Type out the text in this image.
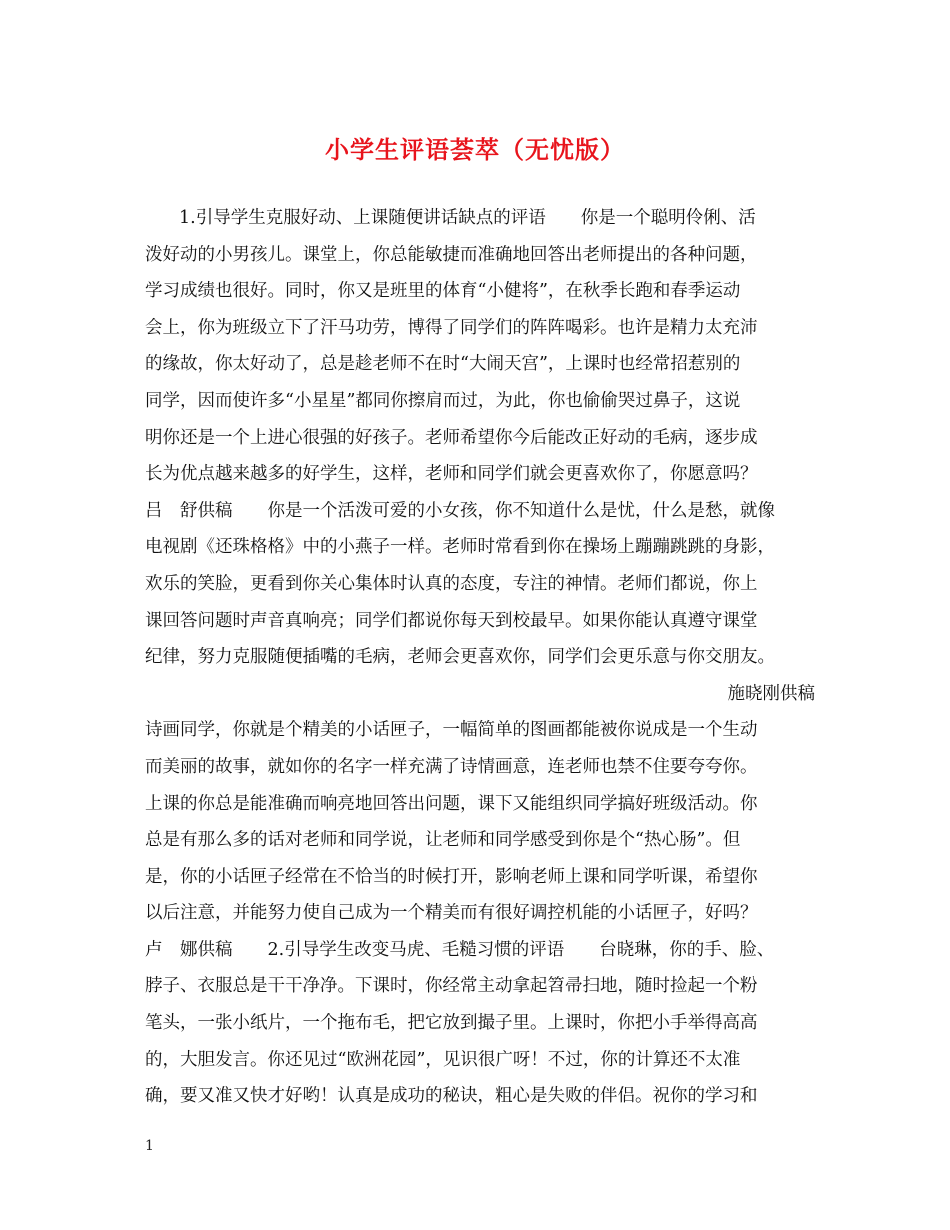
小学生评语荟萃（无忧版）
1.引导学生克服好动、上课随便讲话缺点的评语　　你是一个聪明伶俐、活
泼好动的小男孩儿。课堂上，你总能敏捷而准确地回答出老师提出的各种问题，
学习成绩也很好。同时，你又是班里的体育“小健将”，在秋季长跑和春季运动
会上，你为班级立下了汗马功劳，博得了同学们的阵阵喝彩。也许是精力太充沛
的缘故，你太好动了，总是趁老师不在时“大闹天宫”，上课时也经常招惹别的
同学，因而使许多“小星星”都同你擦肩而过，为此，你也偷偷哭过鼻子，这说
明你还是一个上进心很强的好孩子。老师希望你今后能改正好动的毛病，逐步成
长为优点越来越多的好学生，这样，老师和同学们就会更喜欢你了，你愿意吗？
吕　舒供稿　　你是一个活泼可爱的小女孩，你不知道什么是忧，什么是愁，就像
电视剧《还珠格格》中的小燕子一样。老师时常看到你在操场上蹦蹦跳跳的身影，
欢乐的笑脸，更看到你关心集体时认真的态度，专注的神情。老师们都说，你上
课回答问题时声音真响亮；同学们都说你每天到校最早。如果你能认真遵守课堂
纪律，努力克服随便插嘴的毛病，老师会更喜欢你，同学们会更乐意与你交朋友。
施晓刚供稿
诗画同学，你就是个精美的小话匣子，一幅简单的图画都能被你说成是一个生动
而美丽的故事，就如你的名字一样充满了诗情画意，连老师也禁不住要夸夸你。
上课的你总是能准确而响亮地回答出问题，课下又能组织同学搞好班级活动。你
总是有那么多的话对老师和同学说，让老师和同学感受到你是个“热心肠”。但
是，你的小话匣子经常在不恰当的时候打开，影响老师上课和同学听课，希望你
以后注意，并能努力使自己成为一个精美而有很好调控机能的小话匣子，好吗？
卢　娜供稿　　2.引导学生改变马虎、毛糙习惯的评语　　台晓琳，你的手、脸、
脖子、衣服总是干干净净。下课时，你经常主动拿起笤帚扫地，随时捡起一个粉
笔头，一张小纸片，一个拖布毛，把它放到撮子里。上课时，你把小手举得高高
的，大胆发言。你还见过“欧洲花园”，见识很广呀！不过，你的计算还不太准
确，要又准又快才好哟！认真是成功的秘诀，粗心是失败的伴侣。祝你的学习和
1
